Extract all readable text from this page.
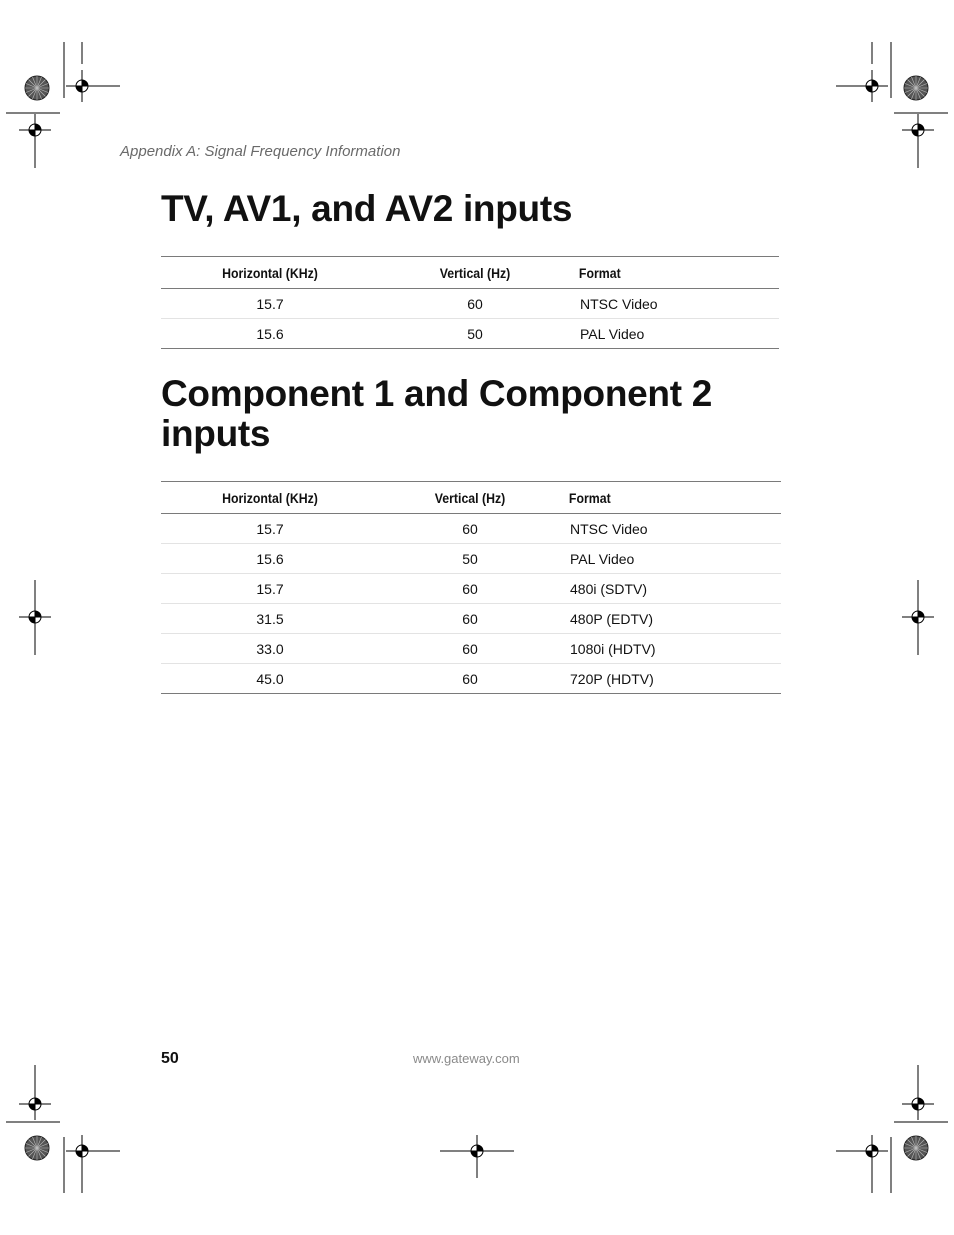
Appendix A: Signal Frequency Information
TV, AV1, and AV2 inputs
Horizontal (KHz)	Vertical (Hz)	Format
15.7	60	NTSC Video
15.6	50	PAL Video
Component 1 and Component 2 inputs
Horizontal (KHz)	Vertical (Hz)	Format
15.7	60	NTSC Video
15.6	50	PAL Video
15.7	60	480i (SDTV)
31.5	60	480P (EDTV)
33.0	60	1080i (HDTV)
45.0	60	720P (HDTV)
50	www.gateway.com
